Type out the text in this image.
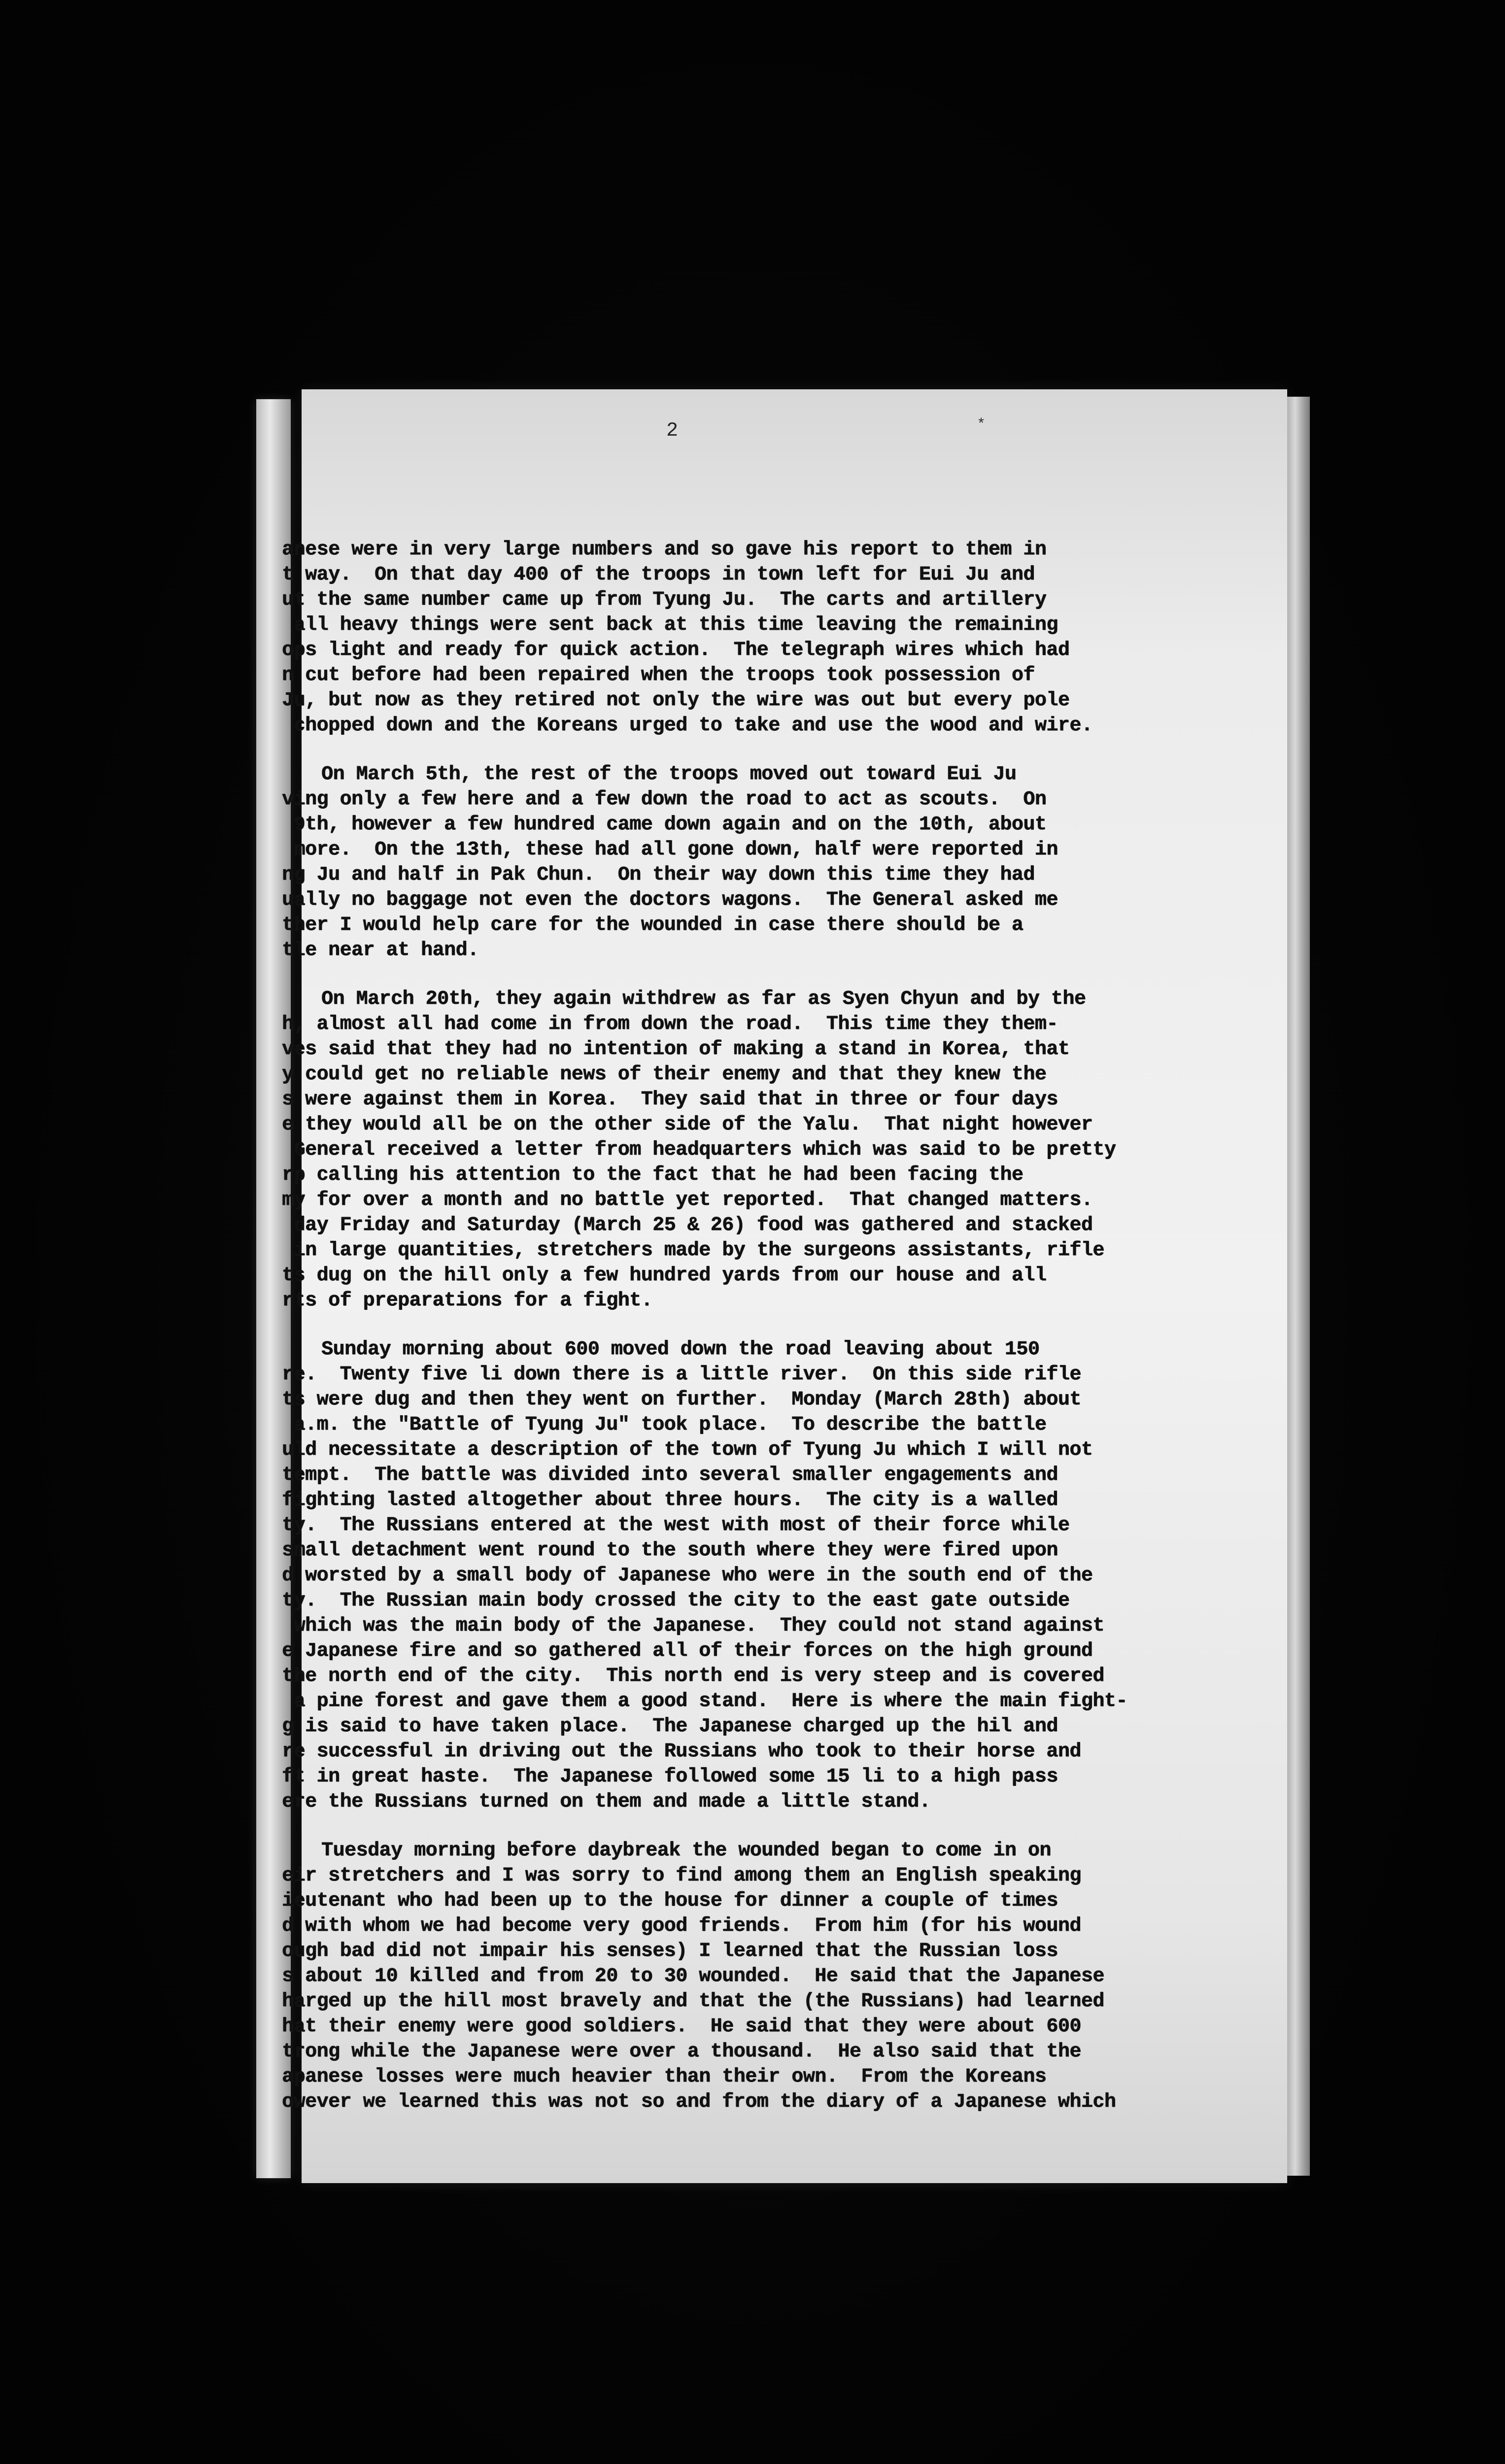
2	*
anese were in very large numbers and so gave his report to them in
t way.  On that day 400 of the troops in town left for Eui Ju and
ut the same number came up from Tyung Ju.  The carts and artillery
all heavy things were sent back at this time leaving the remaining
ops light and ready for quick action.  The telegraph wires which had
n cut before had been repaired when the troops took possession of
Ju, but now as they retired not only the wire was out but every pole
chopped down and the Koreans urged to take and use the wood and wire.
On March 5th, the rest of the troops moved out toward Eui Ju
ving only a few here and a few down the road to act as scouts.  On
9th, however a few hundred came down again and on the 10th, about
more.  On the 13th, these had all gone down, half were reported in
ng Ju and half in Pak Chun.  On their way down this time they had
ually no baggage not even the doctors wagons.  The General asked me
ther I would help care for the wounded in case there should be a
tle near at hand.
On March 20th, they again withdrew as far as Syen Chyun and by the
h, almost all had come in from down the road.  This time they them-
ves said that they had no intention of making a stand in Korea, that
y could get no reliable news of their enemy and that they knew the
s were against them in Korea.  They said that in three or four days
e they would all be on the other side of the Yalu.  That night however
General received a letter from headquarters which was said to be pretty
rp calling his attention to the fact that he had been facing the
my for over a month and no battle yet reported.  That changed matters.
day Friday and Saturday (March 25 & 26) food was gathered and stacked
in large quantities, stretchers made by the surgeons assistants, rifle
ts dug on the hill only a few hundred yards from our house and all
rts of preparations for a fight.
Sunday morning about 600 moved down the road leaving about 150
re.  Twenty five li down there is a little river.  On this side rifle
ts were dug and then they went on further.  Monday (March 28th) about
a.m. the "Battle of Tyung Ju" took place.  To describe the battle
uld necessitate a description of the town of Tyung Ju which I will not
tempt.  The battle was divided into several smaller engagements and
fighting lasted altogether about three hours.  The city is a walled
ty.  The Russians entered at the west with most of their force while
small detachment went round to the south where they were fired upon
d worsted by a small body of Japanese who were in the south end of the
ty.  The Russian main body crossed the city to the east gate outside
which was the main body of the Japanese.  They could not stand against
e Japanese fire and so gathered all of their forces on the high ground
the north end of the city.  This north end is very steep and is covered
a pine forest and gave them a good stand.  Here is where the main fight-
g is said to have taken place.  The Japanese charged up the hil and
re successful in driving out the Russians who took to their horse and
ft in great haste.  The Japanese followed some 15 li to a high pass
ere the Russians turned on them and made a little stand.
Tuesday morning before daybreak the wounded began to come in on
eir stretchers and I was sorry to find among them an English speaking
ieutenant who had been up to the house for dinner a couple of times
d with whom we had become very good friends.  From him (for his wound
ough bad did not impair his senses) I learned that the Russian loss
s about 10 killed and from 20 to 30 wounded.  He said that the Japanese
harged up the hill most bravely and that the (the Russians) had learned
hat their enemy were good soldiers.  He said that they were about 600
trong while the Japanese were over a thousand.  He also said that the
apanese losses were much heavier than their own.  From the Koreans
owever we learned this was not so and from the diary of a Japanese which
